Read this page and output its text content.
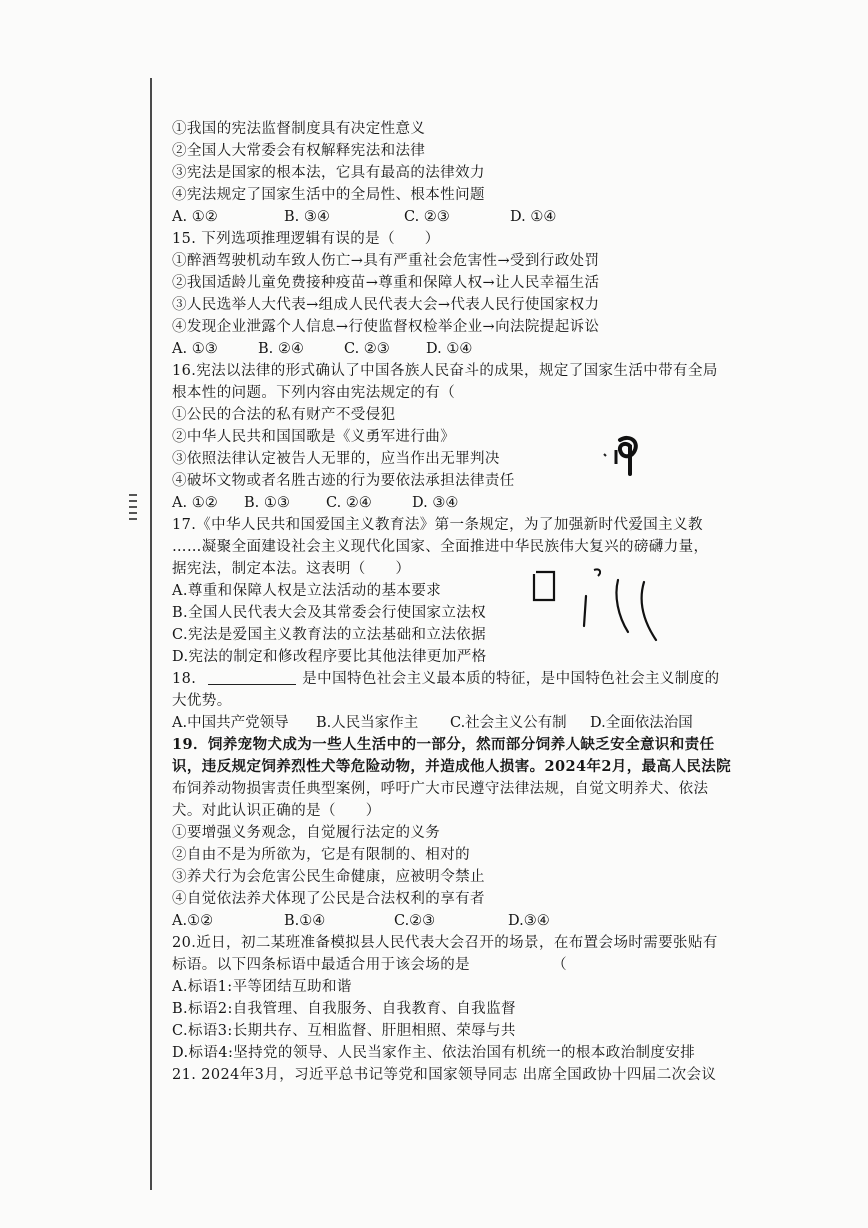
①我国的宪法监督制度具有决定性意义
②全国人大常委会有权解释宪法和法律
③宪法是国家的根本法，它具有最高的法律效力
④宪法规定了国家生活中的全局性、根本性问题
A. ①②	B. ③④	C. ②③	D. ①④
15. 下列选项推理逻辑有误的是（　　）
①醉酒驾驶机动车致人伤亡→具有严重社会危害性→受到行政处罚
②我国适龄儿童免费接种疫苗→尊重和保障人权→让人民幸福生活
③人民选举人大代表→组成人民代表大会→代表人民行使国家权力
④发现企业泄露个人信息→行使监督权检举企业→向法院提起诉讼
A. ①③	B. ②④	C. ②③	D. ①④
16.宪法以法律的形式确认了中国各族人民奋斗的成果，规定了国家生活中带有全局
根本性的问题。下列内容由宪法规定的有（
①公民的合法的私有财产不受侵犯
②中华人民共和国国歌是《义勇军进行曲》
③依照法律认定被告人无罪的，应当作出无罪判决
④破坏文物或者名胜古迹的行为要依法承担法律责任
A. ①②	B. ①③	C. ②④	D. ③④
17.《中华人民共和国爱国主义教育法》第一条规定，为了加强新时代爱国主义教
……凝聚全面建设社会主义现代化国家、全面推进中华民族伟大复兴的磅礴力量，
据宪法，制定本法。这表明（　　）
A.尊重和保障人权是立法活动的基本要求
B.全国人民代表大会及其常委会行使国家立法权
C.宪法是爱国主义教育法的立法基础和立法依据
D.宪法的制定和修改程序要比其他法律更加严格
18.	是中国特色社会主义最本质的特征，是中国特色社会主义制度的
大优势。
A.中国共产党领导	B.人民当家作主	C.社会主义公有制	D.全面依法治国
19．饲养宠物犬成为一些人生活中的一部分，然而部分饲养人缺乏安全意识和责任
识，违反规定饲养烈性犬等危险动物，并造成他人损害。2024年2月，最高人民法院
布饲养动物损害责任典型案例，呼吁广大市民遵守法律法规，自觉文明养犬、依法
犬。对此认识正确的是（　　）
①要增强义务观念，自觉履行法定的义务
②自由不是为所欲为，它是有限制的、相对的
③养犬行为会危害公民生命健康，应被明令禁止
④自觉依法养犬体现了公民是合法权利的享有者
A.①②	B.①④	C.②③	D.③④
20.近日，初二某班准备模拟县人民代表大会召开的场景，在布置会场时需要张贴有
标语。以下四条标语中最适合用于该会场的是　　　　　　（
A.标语1:平等团结互助和谐
B.标语2:自我管理、自我服务、自我教育、自我监督
C.标语3:长期共存、互相监督、肝胆相照、荣辱与共
D.标语4:坚持党的领导、人民当家作主、依法治国有机统一的根本政治制度安排
21. 2024年3月，习近平总书记等党和国家领导同志 出席全国政协十四届二次会议
